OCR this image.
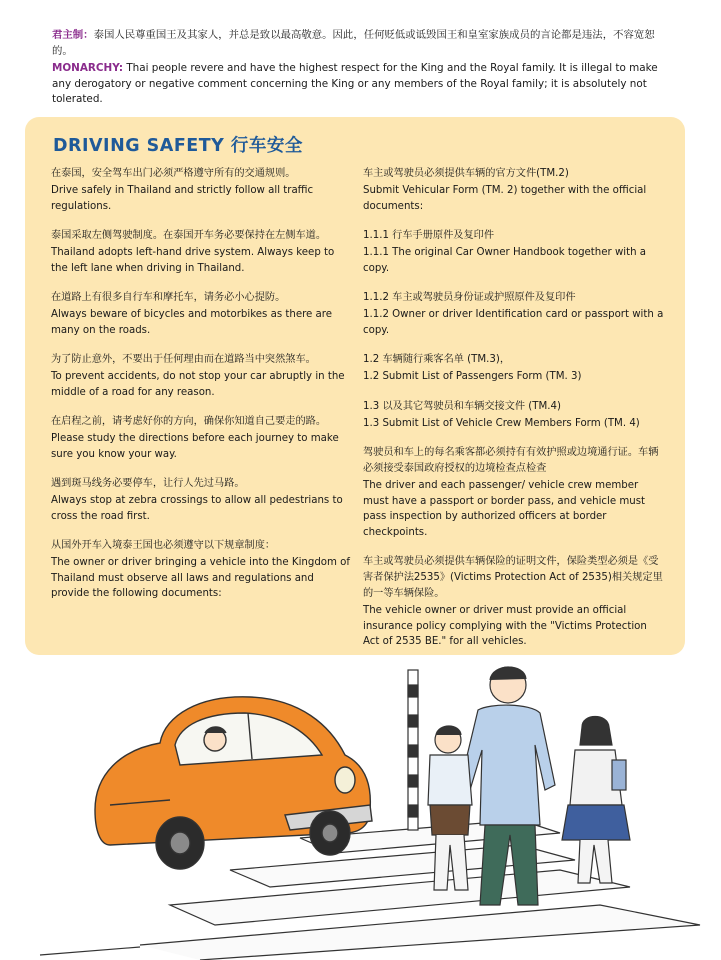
君主制：泰国人民尊重国王及其家人，并总是致以最高敬意。因此，任何贬低或诋毁国王和皇室家族成员的言论都是违法，不容宽恕的。

MONARCHY: Thai people revere and have the highest respect for the King and the Royal family. It is illegal to make any derogatory or negative comment concerning the King or any members of the Royal family; it is absolutely not tolerated.

DRIVING SAFETY 行车安全

在泰国，安全驾车出门必须严格遵守所有的交通规则。

Drive safely in Thailand and strictly follow all traffic regulations.

泰国采取左侧驾驶制度。在泰国开车务必要保持在左侧车道。

Thailand adopts left-hand drive system. Always keep to the left lane when driving in Thailand.

在道路上有很多自行车和摩托车，请务必小心提防。

Always beware of bicycles and motorbikes as there are many on the roads.

为了防止意外，不要出于任何理由而在道路当中突然煞车。

To prevent accidents, do not stop your car abruptly in the middle of a road for any reason.

在启程之前，请考虑好你的方向，确保你知道自己要走的路。

Please study the directions before each journey to make sure you know your way.

遇到斑马线务必要停车，让行人先过马路。

Always stop at zebra crossings to allow all pedestrians to cross the road first.

从国外开车入境泰王国也必须遵守以下规章制度：

The owner or driver bringing a vehicle into the Kingdom of Thailand must observe all laws and regulations and provide the following documents:

车主或驾驶员必须提供车辆的官方文件(TM.2)

Submit Vehicular Form (TM. 2) together with the official documents:

1.1.1 行车手册原件及复印件

1.1.1 The original Car Owner Handbook together with a copy.

1.1.2 车主或驾驶员身份证或护照原件及复印件

1.1.2 Owner or driver Identification card or passport with a copy.

1.2 车辆随行乘客名单 (TM.3)，

1.2 Submit List of Passengers Form (TM. 3)

1.3 以及其它驾驶员和车辆交接文件 (TM.4)

1.3 Submit List of Vehicle Crew Members Form (TM. 4)

驾驶员和车上的每名乘客都必须持有有效护照或边境通行证。车辆必须接受泰国政府授权的边境检查点检查

The driver and each passenger/ vehicle crew member must have a passport or border pass, and vehicle must pass inspection by authorized officers at border checkpoints.

车主或驾驶员必须提供车辆保险的证明文件，保险类型必须是《受害者保护法2535》(Victims Protection Act of 2535)相关规定里的一等车辆保险。

The vehicle owner or driver must provide an official insurance policy complying with the "Victims Protection Act of 2535 BE." for all vehicles.
